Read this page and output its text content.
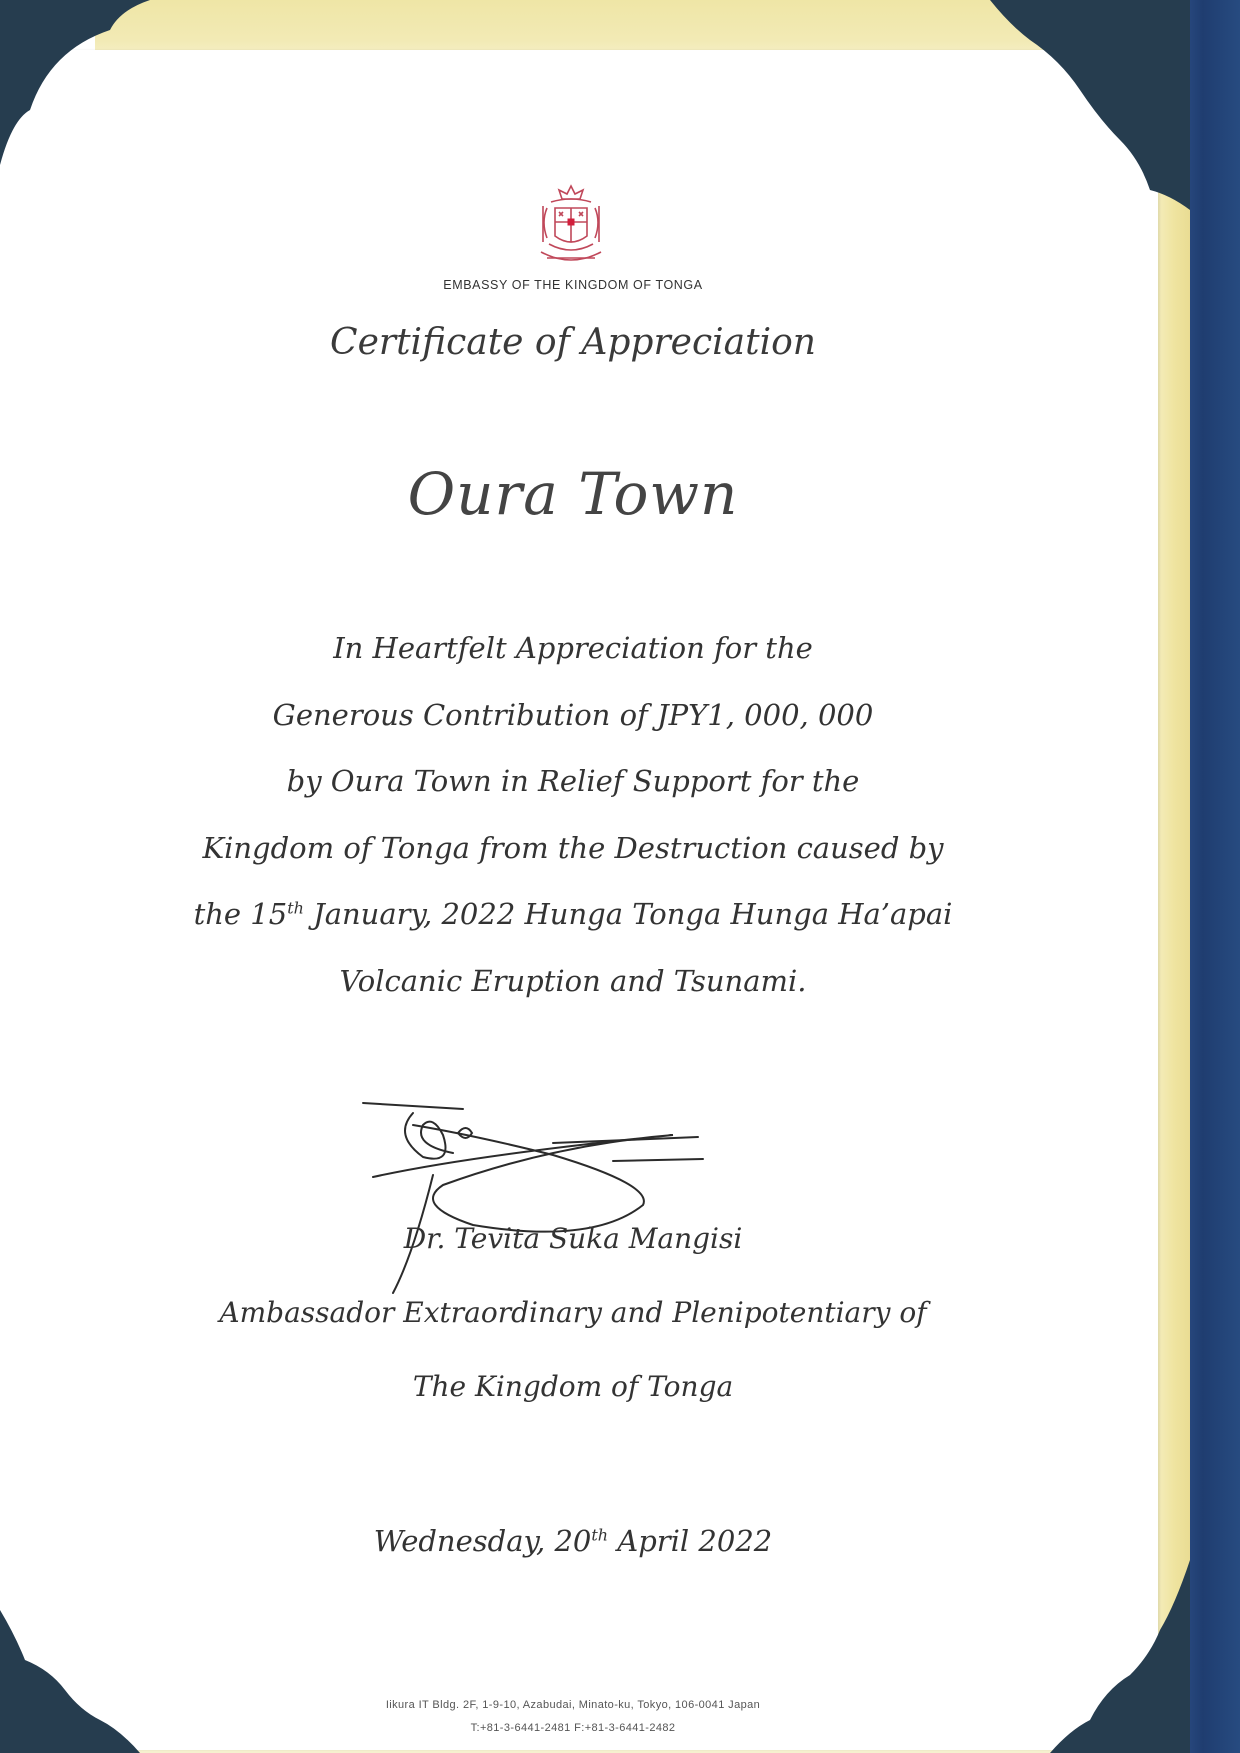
EMBASSY OF THE KINGDOM OF TONGA
Certificate of Appreciation
Oura Town
In Heartfelt Appreciation for the
Generous Contribution of JPY1, 000, 000
by Oura Town in Relief Support for the
Kingdom of Tonga from the Destruction caused by
the 15th January, 2022 Hunga Tonga Hunga Ha’apai
Volcanic Eruption and Tsunami.
Dr. Tevita Suka Mangisi
Ambassador Extraordinary and Plenipotentiary of
The Kingdom of Tonga
Wednesday, 20th April 2022
Iikura IT Bldg. 2F, 1-9-10, Azabudai, Minato-ku, Tokyo, 106-0041 Japan
T:+81-3-6441-2481 F:+81-3-6441-2482
